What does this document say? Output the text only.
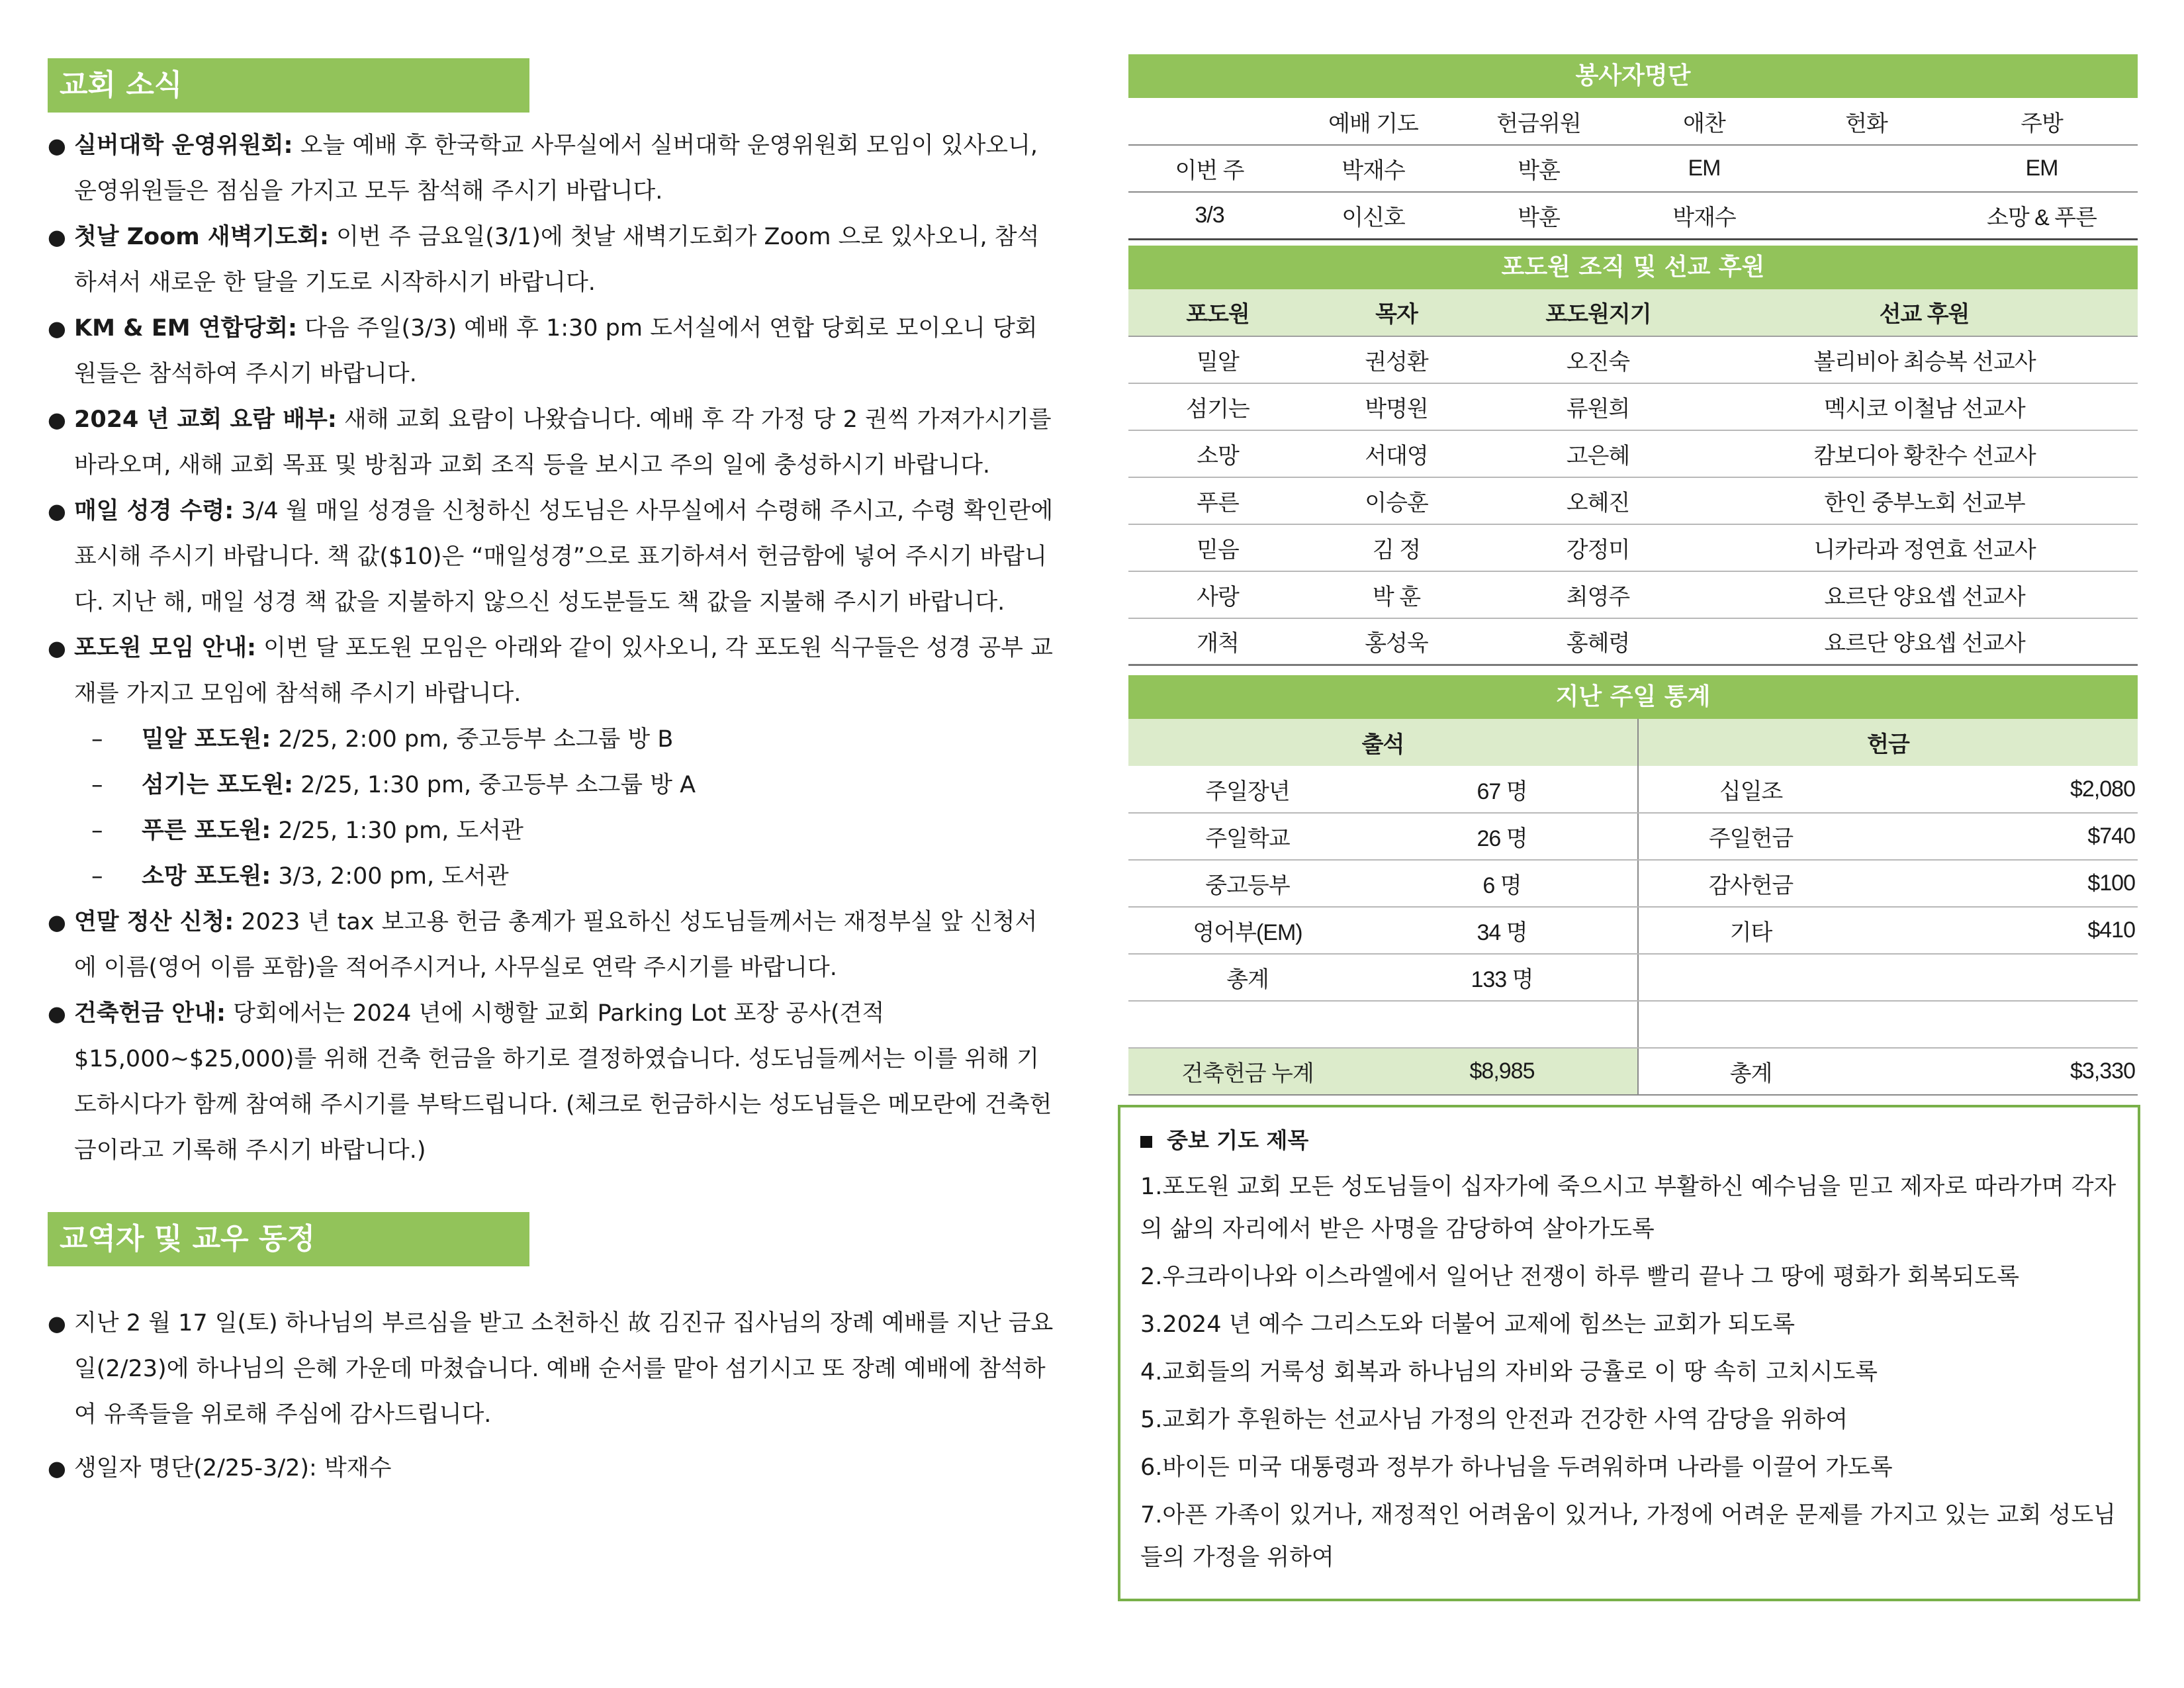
교회 소식
● 실버대학 운영위원회: 오늘 예배 후 한국학교 사무실에서 실버대학 운영위원회 모임이 있사오니, 운영위원들은 점심을 가지고 모두 참석해 주시기 바랍니다.
● 첫날 Zoom 새벽기도회: 이번 주 금요일(3/1)에 첫날 새벽기도회가 Zoom 으로 있사오니, 참석하셔서 새로운 한 달을 기도로 시작하시기 바랍니다.
● KM & EM 연합당회: 다음 주일(3/3) 예배 후 1:30 pm 도서실에서 연합 당회로 모이오니 당회원들은 참석하여 주시기 바랍니다.
● 2024 년 교회 요람 배부: 새해 교회 요람이 나왔습니다. 예배 후 각 가정 당 2 권씩 가져가시기를 바라오며, 새해 교회 목표 및 방침과 교회 조직 등을 보시고 주의 일에 충성하시기 바랍니다.
● 매일 성경 수령: 3/4 월 매일 성경을 신청하신 성도님은 사무실에서 수령해 주시고, 수령 확인란에 표시해 주시기 바랍니다. 책 값($10)은 “매일성경”으로 표기하셔서 헌금함에 넣어 주시기 바랍니다. 지난 해, 매일 성경 책 값을 지불하지 않으신 성도분들도 책 값을 지불해 주시기 바랍니다.
● 포도원 모임 안내: 이번 달 포도원 모임은 아래와 같이 있사오니, 각 포도원 식구들은 성경 공부 교재를 가지고 모임에 참석해 주시기 바랍니다.
– 밀알 포도원: 2/25, 2:00 pm, 중고등부 소그룹 방 B
– 섬기는 포도원: 2/25, 1:30 pm, 중고등부 소그룹 방 A
– 푸른 포도원: 2/25, 1:30 pm, 도서관
– 소망 포도원: 3/3, 2:00 pm, 도서관
● 연말 정산 신청: 2023 년 tax 보고용 헌금 총계가 필요하신 성도님들께서는 재정부실 앞 신청서에 이름(영어 이름 포함)을 적어주시거나, 사무실로 연락 주시기를 바랍니다.
● 건축헌금 안내: 당회에서는 2024 년에 시행할 교회 Parking Lot 포장 공사(견적 $15,000~$25,000)를 위해 건축 헌금을 하기로 결정하였습니다. 성도님들께서는 이를 위해 기도하시다가 함께 참여해 주시기를 부탁드립니다. (체크로 헌금하시는 성도님들은 메모란에 건축헌금이라고 기록해 주시기 바랍니다.)
교역자 및 교우 동정
● 지난 2 월 17 일(토) 하나님의 부르심을 받고 소천하신 故 김진규 집사님의 장례 예배를 지난 금요일(2/23)에 하나님의 은혜 가운데 마쳤습니다. 예배 순서를 맡아 섬기시고 또 장례 예배에 참석하여 유족들을 위로해 주심에 감사드립니다.
● 생일자 명단(2/25-3/2): 박재수
봉사자명단
	예배 기도	헌금위원	애찬	헌화	주방
이번 주	박재수	박훈	EM		EM
3/3	이신호	박훈	박재수		소망 & 푸른
포도원 조직 및 선교 후원
포도원	목자	포도원지기	선교 후원
밀알	권성환	오진숙	볼리비아 최승복 선교사
섬기는	박명원	류원희	멕시코 이철남 선교사
소망	서대영	고은혜	캄보디아 황찬수 선교사
푸른	이승훈	오혜진	한인 중부노회 선교부
믿음	김 정	강정미	니카라과 정연효 선교사
사랑	박 훈	최영주	요르단 양요셉 선교사
개척	홍성욱	홍혜령	요르단 양요셉 선교사
지난 주일 통계
출석		헌금	
주일장년	67 명	십일조	$2,080
주일학교	26 명	주일헌금	$740
중고등부	6 명	감사헌금	$100
영어부(EM)	34 명	기타	$410
총계	133 명		

건축헌금 누계	$8,985	총계	$3,330
중보 기도 제목
1.포도원 교회 모든 성도님들이 십자가에 죽으시고 부활하신 예수님을 믿고 제자로 따라가며 각자의 삶의 자리에서 받은 사명을 감당하여 살아가도록
2.우크라이나와 이스라엘에서 일어난 전쟁이 하루 빨리 끝나 그 땅에 평화가 회복되도록
3.2024 년 예수 그리스도와 더불어 교제에 힘쓰는 교회가 되도록
4.교회들의 거룩성 회복과 하나님의 자비와 긍휼로 이 땅 속히 고치시도록
5.교회가 후원하는 선교사님 가정의 안전과 건강한 사역 감당을 위하여
6.바이든 미국 대통령과 정부가 하나님을 두려워하며 나라를 이끌어 가도록
7.아픈 가족이 있거나, 재정적인 어려움이 있거나, 가정에 어려운 문제를 가지고 있는 교회 성도님들의 가정을 위하여
